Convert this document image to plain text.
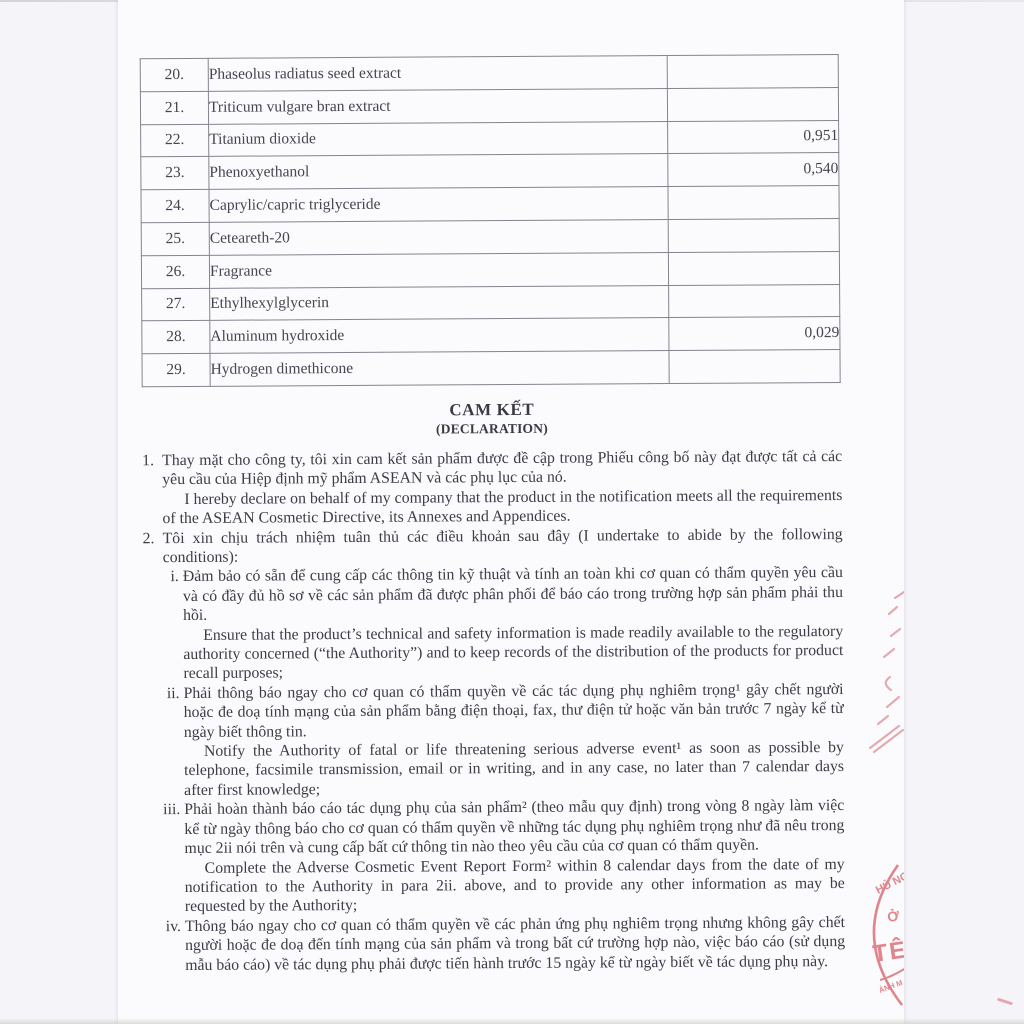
20.	Phaseolus radiatus seed extract	
21.	Triticum vulgare bran extract	
22.	Titanium dioxide	0,951
23.	Phenoxyethanol	0,540
24.	Caprylic/capric triglyceride	
25.	Ceteareth-20	
26.	Fragrance	
27.	Ethylhexylglycerin	
28.	Aluminum hydroxide	0,029
29.	Hydrogen dimethicone	
CAM KẾT
(DECLARATION)
1. Thay mặt cho công ty, tôi xin cam kết sản phẩm được đề cập trong Phiếu công bố này đạt được tất cả các yêu cầu của Hiệp định mỹ phẩm ASEAN và các phụ lục của nó.
I hereby declare on behalf of my company that the product in the notification meets all the requirements of the ASEAN Cosmetic Directive, its Annexes and Appendices.
2. Tôi xin chịu trách nhiệm tuân thủ các điều khoản sau đây (I undertake to abide by the following conditions):
i. Đảm bảo có sẵn để cung cấp các thông tin kỹ thuật và tính an toàn khi cơ quan có thẩm quyền yêu cầu và có đầy đủ hồ sơ về các sản phẩm đã được phân phối để báo cáo trong trường hợp sản phẩm phải thu hồi.
Ensure that the product’s technical and safety information is made readily available to the regulatory authority concerned (“the Authority”) and to keep records of the distribution of the products for product recall purposes;
ii. Phải thông báo ngay cho cơ quan có thẩm quyền về các tác dụng phụ nghiêm trọng¹ gây chết người hoặc đe doạ tính mạng của sản phẩm bằng điện thoại, fax, thư điện tử hoặc văn bản trước 7 ngày kể từ ngày biết thông tin.
Notify the Authority of fatal or life threatening serious adverse event¹ as soon as possible by telephone, facsimile transmission, email or in writing, and in any case, no later than 7 calendar days after first knowledge;
iii. Phải hoàn thành báo cáo tác dụng phụ của sản phẩm² (theo mẫu quy định) trong vòng 8 ngày làm việc kể từ ngày thông báo cho cơ quan có thẩm quyền về những tác dụng phụ nghiêm trọng như đã nêu trong mục 2ii nói trên và cung cấp bất cứ thông tin nào theo yêu cầu của cơ quan có thẩm quyền.
Complete the Adverse Cosmetic Event Report Form² within 8 calendar days from the date of my notification to the Authority in para 2ii. above, and to provide any other information as may be requested by the Authority;
iv. Thông báo ngay cho cơ quan có thẩm quyền về các phản ứng phụ nghiêm trọng nhưng không gây chết người hoặc đe doạ đến tính mạng của sản phẩm và trong bất cứ trường hợp nào, việc báo cáo (sử dụng mẫu báo cáo) về tác dụng phụ phải được tiến hành trước 15 ngày kể từ ngày biết về tác dụng phụ này.
HỦ NG
Ở
TÊ
ẢNH M
